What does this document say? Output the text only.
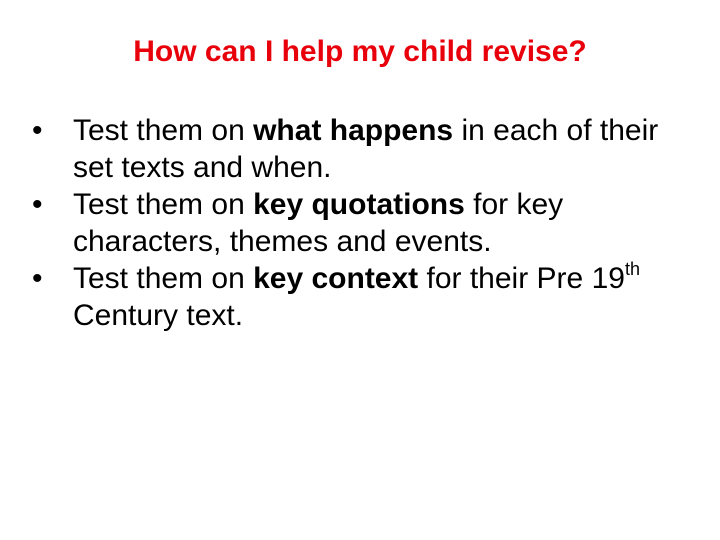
How can I help my child revise?
•	Test them on what happens in each of their set texts and when.
•	Test them on key quotations for key characters, themes and events.
•	Test them on key context for their Pre 19th Century text.
